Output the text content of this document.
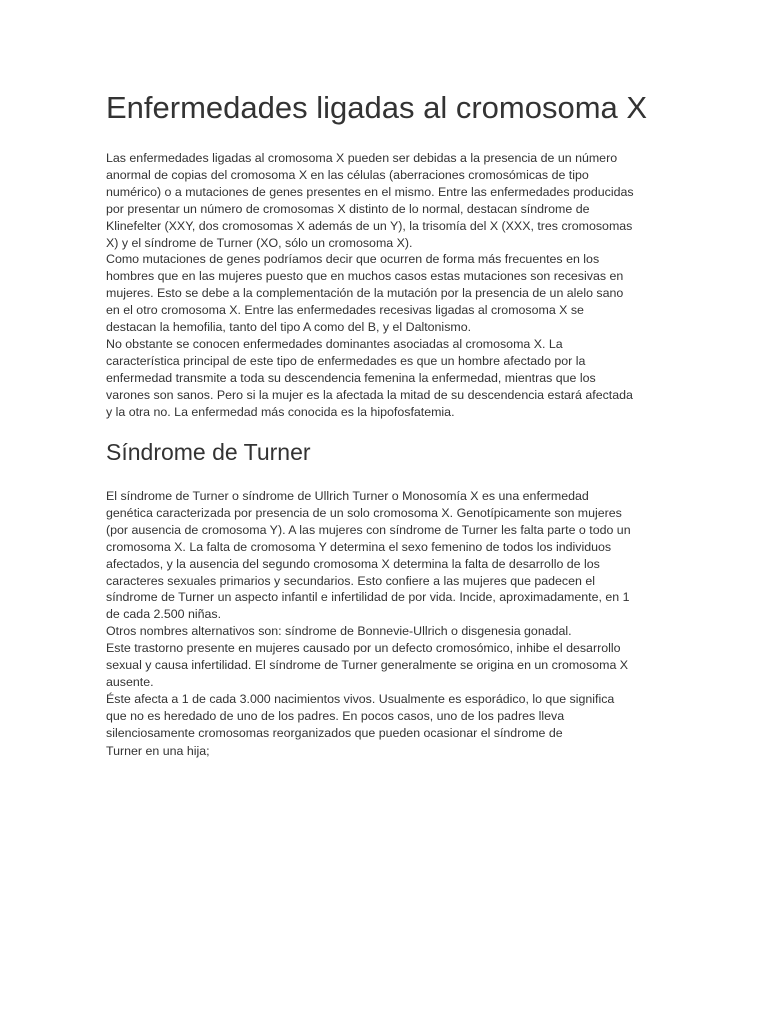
Enfermedades ligadas al cromosoma X

Las enfermedades ligadas al cromosoma X pueden ser debidas a la presencia de un número anormal de copias del cromosoma X en las células (aberraciones cromosómicas de tipo numérico) o a mutaciones de genes presentes en el mismo. Entre las enfermedades producidas por presentar un número de cromosomas X distinto de lo normal, destacan síndrome de Klinefelter (XXY, dos cromosomas X además de un Y), la trisomía del X (XXX, tres cromosomas X) y el síndrome de Turner (XO, sólo un cromosoma X).

Como mutaciones de genes podríamos decir que ocurren de forma más frecuentes en los hombres que en las mujeres puesto que en muchos casos estas mutaciones son recesivas en mujeres. Esto se debe a la complementación de la mutación por la presencia de un alelo sano en el otro cromosoma X. Entre las enfermedades recesivas ligadas al cromosoma X se destacan la hemofilia, tanto del tipo A como del B, y el Daltonismo.

No obstante se conocen enfermedades dominantes asociadas al cromosoma X. La característica principal de este tipo de enfermedades es que un hombre afectado por la enfermedad transmite a toda su descendencia femenina la enfermedad, mientras que los varones son sanos. Pero si la mujer es la afectada la mitad de su descendencia estará afectada y la otra no. La enfermedad más conocida es la hipofosfatemia.

Síndrome de Turner

El síndrome de Turner o síndrome de Ullrich Turner o Monosomía X es una enfermedad genética caracterizada por presencia de un solo cromosoma X. Genotípicamente son mujeres (por ausencia de cromosoma Y). A las mujeres con síndrome de Turner les falta parte o todo un cromosoma X. La falta de cromosoma Y determina el sexo femenino de todos los individuos afectados, y la ausencia del segundo cromosoma X determina la falta de desarrollo de los caracteres sexuales primarios y secundarios. Esto confiere a las mujeres que padecen el síndrome de Turner un aspecto infantil e infertilidad de por vida. Incide, aproximadamente, en 1 de cada 2.500 niñas.

Otros nombres alternativos son: síndrome de Bonnevie-Ullrich o disgenesia gonadal.

Este trastorno presente en mujeres causado por un defecto cromosómico, inhibe el desarrollo sexual y causa infertilidad. El síndrome de Turner generalmente se origina en un cromosoma X ausente.

Éste afecta a 1 de cada 3.000 nacimientos vivos. Usualmente es esporádico, lo que significa que no es heredado de uno de los padres. En pocos casos, uno de los padres lleva silenciosamente cromosomas reorganizados que pueden ocasionar el síndrome de

Turner en una hija;
